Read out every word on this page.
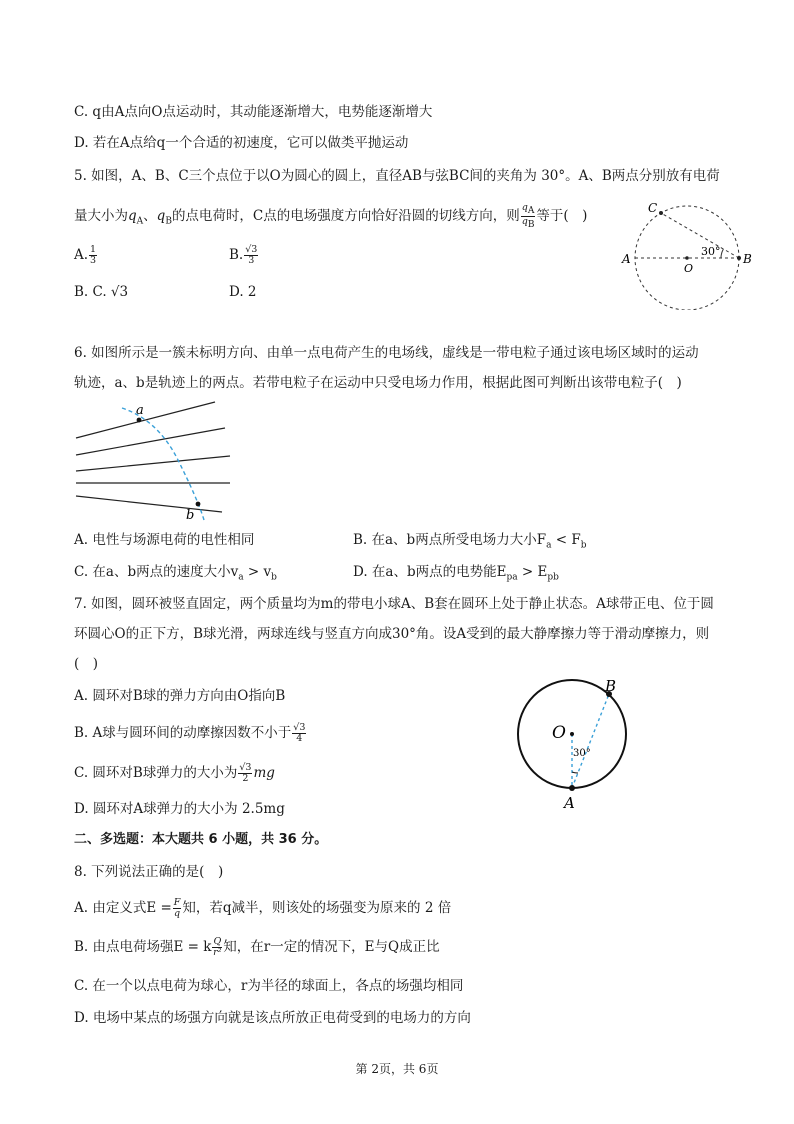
C. q由A点向O点运动时，其动能逐渐增大，电势能逐渐增大
D. 若在A点给q一个合适的初速度，它可以做类平抛运动
5. 如图，A、B、C三个点位于以O为圆心的圆上，直径AB与弦BC间的夹角为 30°。A、B两点分别放有电荷
量大小为$q_A$、$q_B$的点电荷时，C点的电场强度方向恰好沿圆的切线方向，则 $\frac{q_A}{q_B}$ 等于(　)
A. $\frac{1}{3}$	B. $\frac{√3}{3}$
B. C. √3	D. 2
A	B
C
O
30°
6. 如图所示是一簇未标明方向、由单一点电荷产生的电场线，虚线是一带电粒子通过该电场区域时的运动
轨迹，a、b是轨迹上的两点。若带电粒子在运动中只受电场力作用，根据此图可判断出该带电粒子(　)
a
b
A. 电性与场源电荷的电性相同	B. 在a、b两点所受电场力大小$F_a < F_b$
C. 在a、b两点的速度大小$v_a > v_b$	D. 在a、b两点的电势能$E_{pa} > E_{pb}$
7. 如图，圆环被竖直固定，两个质量均为m的带电小球A、B套在圆环上处于静止状态。A球带正电、位于圆
环圆心O的正下方，B球光滑，两球连线与竖直方向成30°角。设A受到的最大静摩擦力等于滑动摩擦力，则
(　)
A. 圆环对B球的弹力方向由O指向B
B. A球与圆环间的动摩擦因数不小于 $\frac{√3}{4}$
C. 圆环对B球弹力的大小为 $\frac{√3}{2}$ mg
D. 圆环对A球弹力的大小为 2.5mg
O
A
B
30°
二、多选题：本大题共 6 小题，共 36 分。
8. 下列说法正确的是(　)
A. 由定义式$E = \frac{F}{q}$ 知，若q减半，则该处的场强变为原来的 2 倍
B. 由点电荷场强E = k $\frac{Q}{\text{r²}}$ 知，在r一定的情况下，E与Q成正比
C. 在一个以点电荷为球心，r为半径的球面上，各点的场强均相同
D. 电场中某点的场强方向就是该点所放正电荷受到的电场力的方向
第 2页，共 6页
